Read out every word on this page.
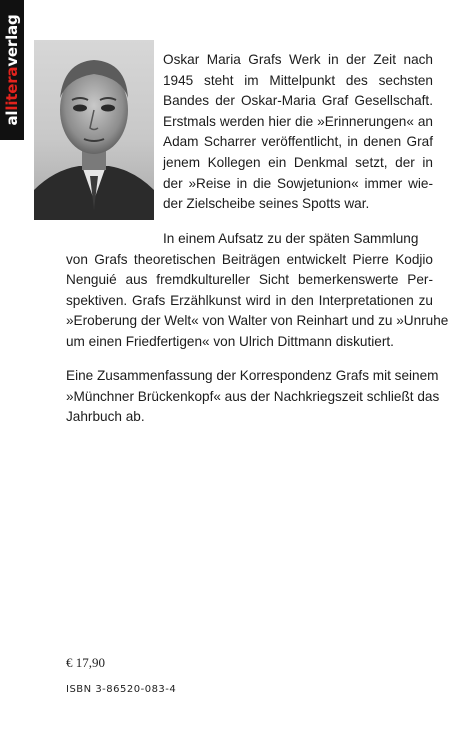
al
litera
verlag	Oskar Maria Grafs Werk in der Zeit nach
1945 steht im Mittelpunkt des sechsten
Bandes der Oskar-Maria Graf Gesellschaft.
Erstmals werden hier die »Erinnerungen« an
Adam Scharrer veröffentlicht, in denen Graf
jenem Kollegen ein Denkmal setzt, der in
der »Reise in die Sowjetunion« immer wie-
der Zielscheibe seines Spotts war.

In einem Aufsatz zu der späten Sammlung
von Grafs theoretischen Beiträgen entwickelt Pierre Kodjio
Nenguié aus fremdkultureller Sicht bemerkenswerte Per-
spektiven. Grafs Erzählkunst wird in den Interpretationen zu
»Eroberung der Welt« von Walter von Reinhart und zu »Unruhe
um einen Friedfertigen« von Ulrich Dittmann diskutiert.

Eine Zusammenfassung der Korrespondenz Grafs mit seinem
»Münchner Brückenkopf« aus der Nachkriegszeit schließt das
Jahrbuch ab.

€ 17,90
ISBN 3-86520-083-4
